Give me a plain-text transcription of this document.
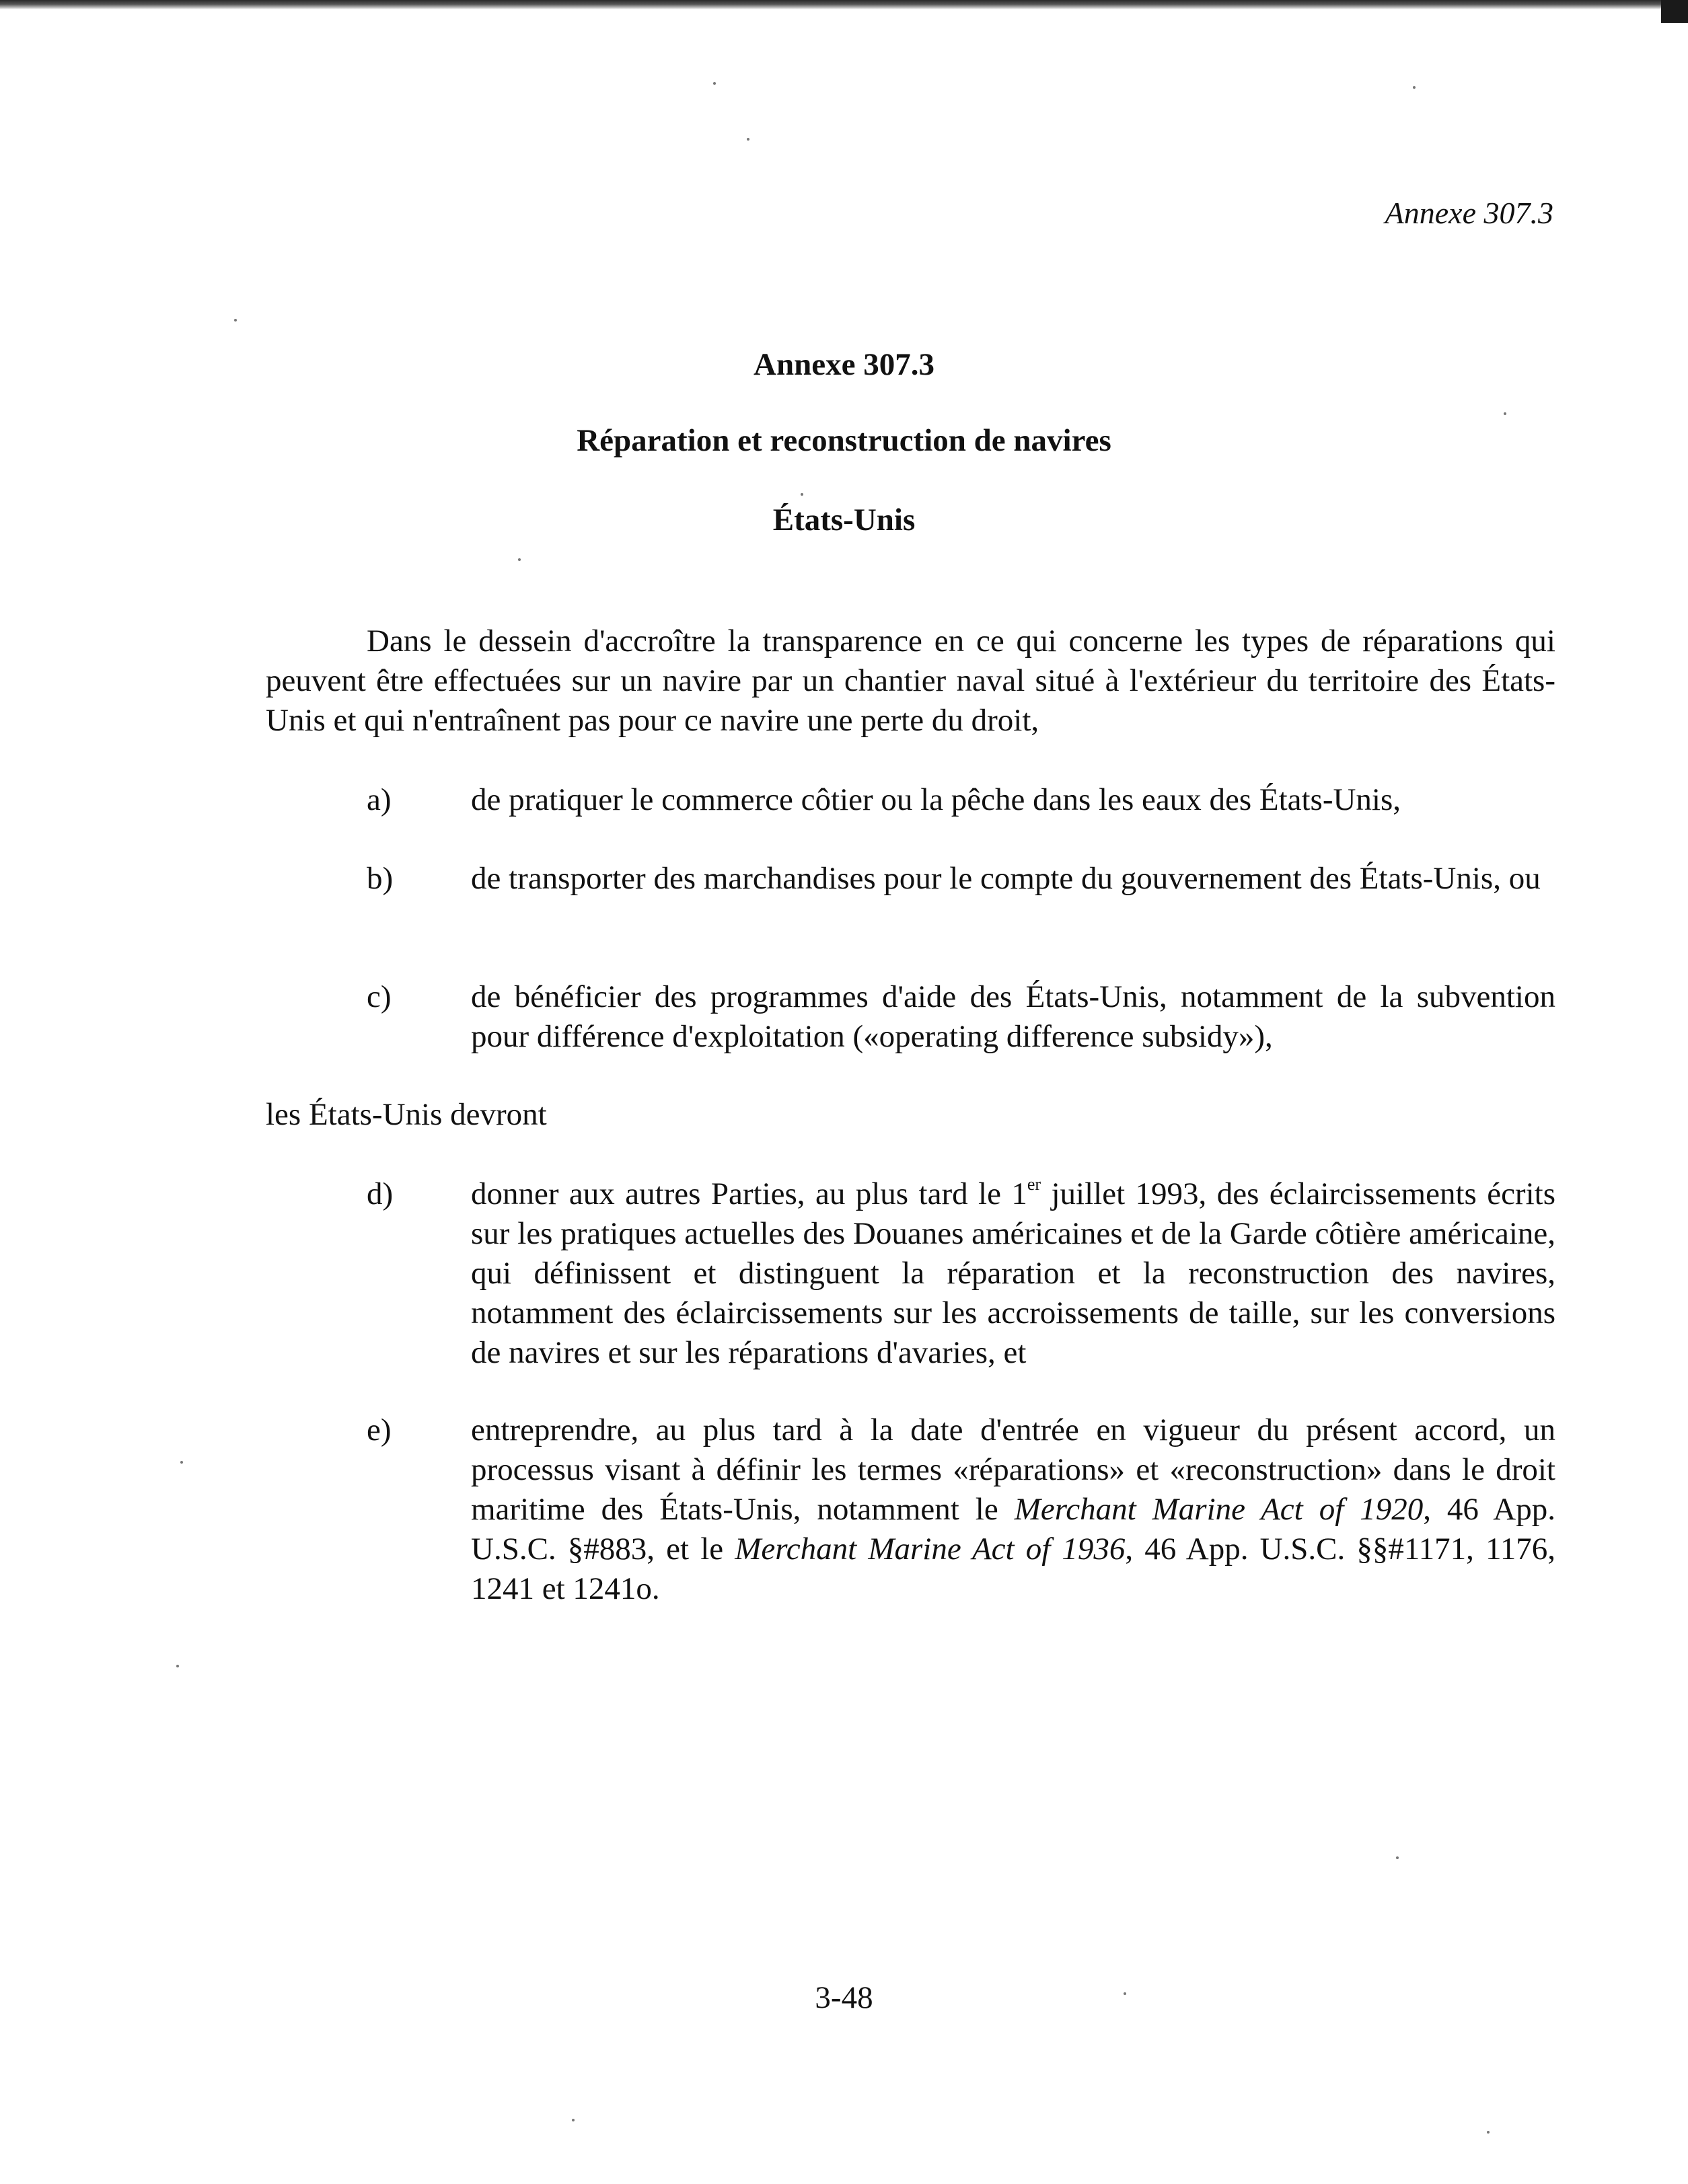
Annexe 307.3

Annexe 307.3
Réparation et reconstruction de navires
États-Unis

Dans le dessein d'accroître la transparence en ce qui concerne les types de réparations qui peuvent être effectuées sur un navire par un chantier naval situé à l'extérieur du territoire des États-Unis et qui n'entraînent pas pour ce navire une perte du droit,

a)	de pratiquer le commerce côtier ou la pêche dans les eaux des États-Unis,
b)	de transporter des marchandises pour le compte du gouvernement des États-Unis, ou
c)	de bénéficier des programmes d'aide des États-Unis, notamment de la subvention pour différence d'exploitation («operating difference subsidy»),

les États-Unis devront

d)	donner aux autres Parties, au plus tard le 1er juillet 1993, des éclaircissements écrits sur les pratiques actuelles des Douanes américaines et de la Garde côtière américaine, qui définissent et distinguent la réparation et la reconstruction des navires, notamment des éclaircissements sur les accroissements de taille, sur les conversions de navires et sur les réparations d'avaries, et
e)	entreprendre, au plus tard à la date d'entrée en vigueur du présent accord, un processus visant à définir les termes «réparations» et «reconstruction» dans le droit maritime des États-Unis, notamment le Merchant Marine Act of 1920, 46 App. U.S.C. §#883, et le Merchant Marine Act of 1936, 46 App. U.S.C. §§#1171, 1176, 1241 et 1241o.

3-48
